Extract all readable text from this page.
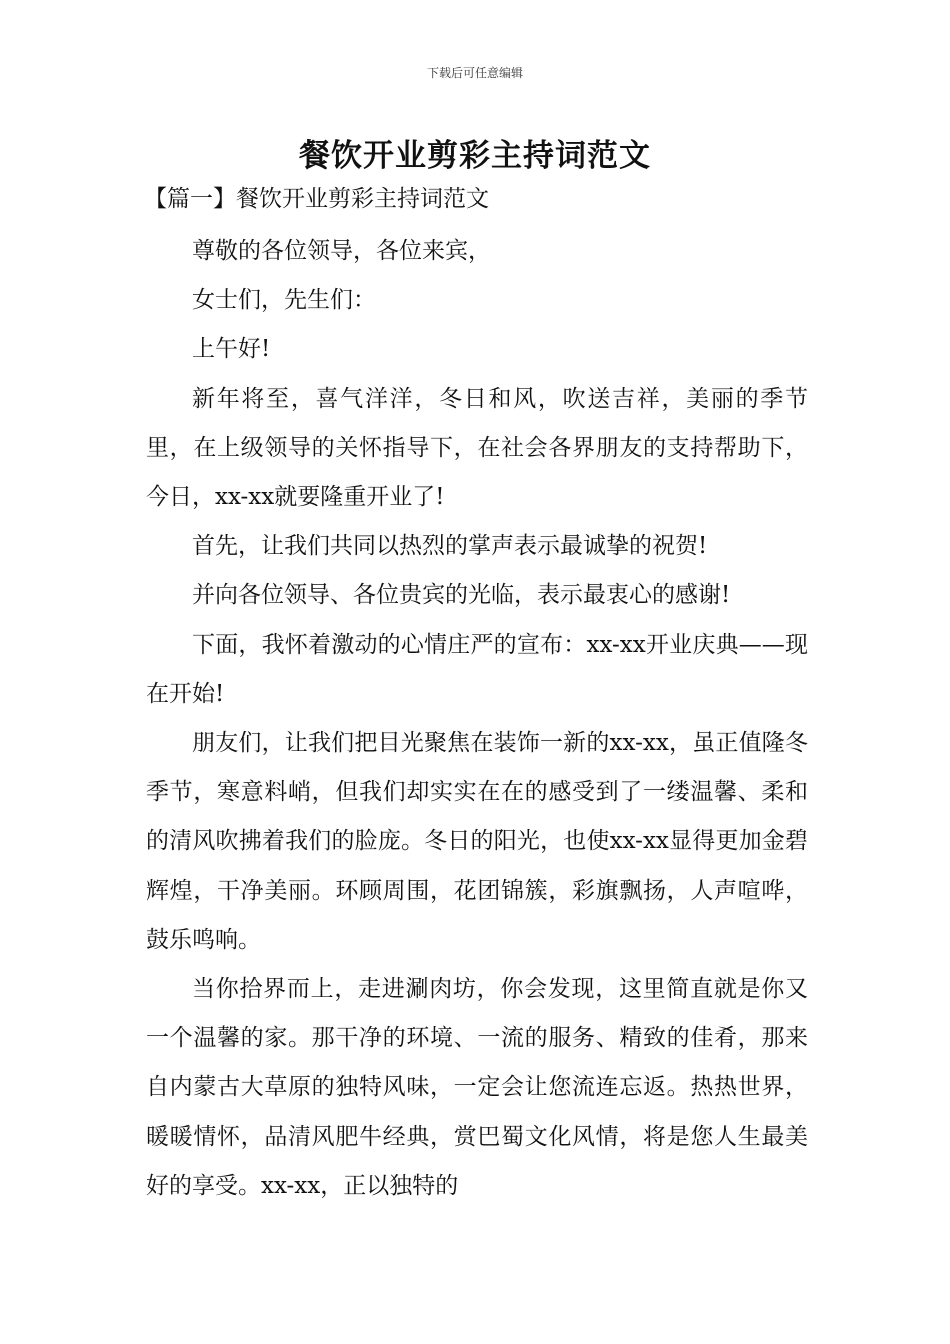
下载后可任意编辑
餐饮开业剪彩主持词范文
【篇一】餐饮开业剪彩主持词范文

尊敬的各位领导，各位来宾，

女士们，先生们：

上午好!

新年将至，喜气洋洋，冬日和风，吹送吉祥，美丽的季节里，在上级领导的关怀指导下，在社会各界朋友的支持帮助下，今日，xx-xx就要隆重开业了!

首先，让我们共同以热烈的掌声表示最诚挚的祝贺!

并向各位领导、各位贵宾的光临，表示最衷心的感谢!

下面，我怀着激动的心情庄严的宣布：xx-xx开业庆典——现在开始!

朋友们，让我们把目光聚焦在装饰一新的xx-xx，虽正值隆冬季节，寒意料峭，但我们却实实在在的感受到了一缕温馨、柔和的清风吹拂着我们的脸庞。冬日的阳光，也使xx-xx显得更加金碧辉煌，干净美丽。环顾周围，花团锦簇，彩旗飘扬，人声喧哗，鼓乐鸣响。

当你拾界而上，走进涮肉坊，你会发现，这里简直就是你又一个温馨的家。那干净的环境、一流的服务、精致的佳肴，那来自内蒙古大草原的独特风味，一定会让您流连忘返。热热世界，暖暖情怀，品清风肥牛经典，赏巴蜀文化风情，将是您人生最美好的享受。xx-xx，正以独特的
